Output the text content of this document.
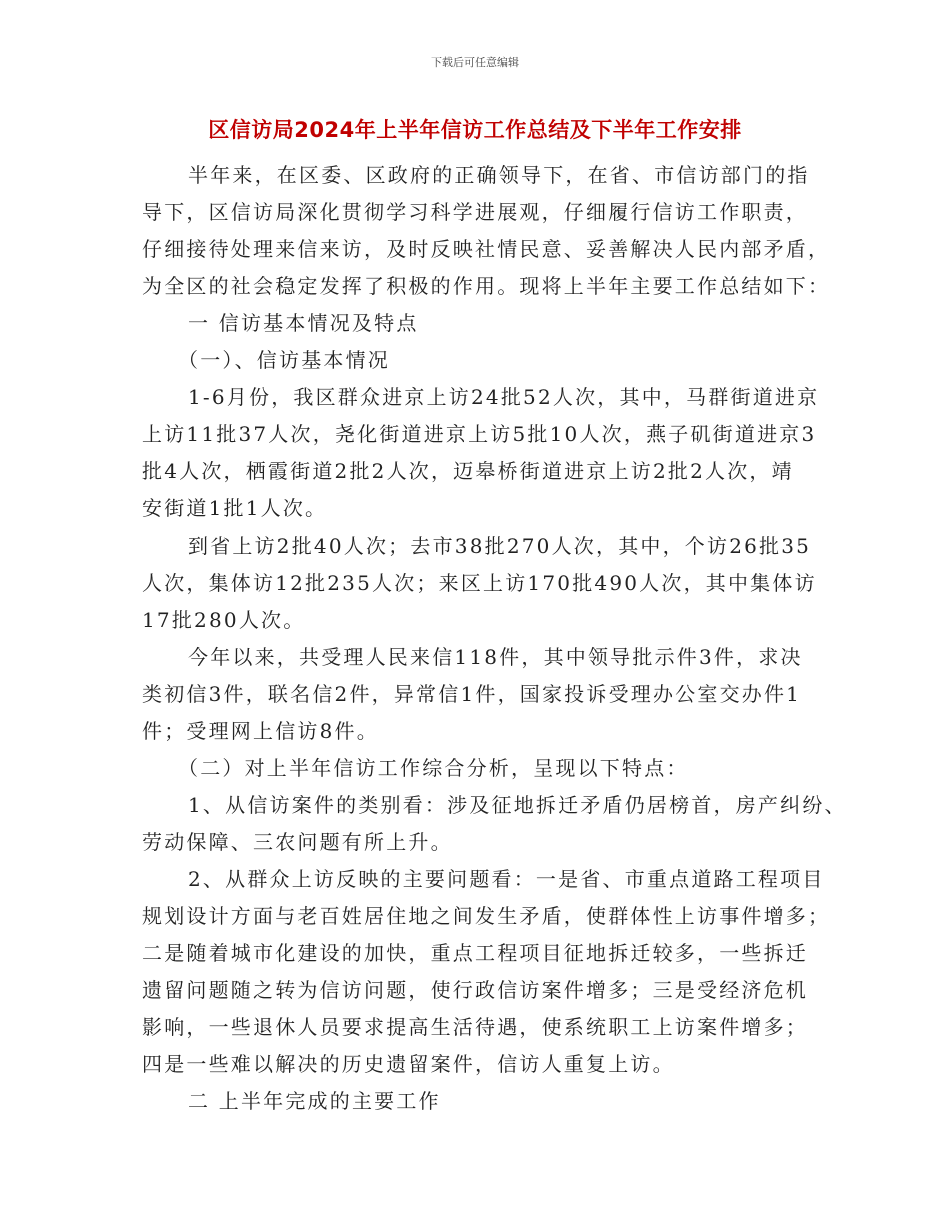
下载后可任意编辑
区信访局2024年上半年信访工作总结及下半年工作安排
半年来，在区委、区政府的正确领导下，在省、市信访部门的指
导下，区信访局深化贯彻学习科学进展观，仔细履行信访工作职责，
仔细接待处理来信来访，及时反映社情民意、妥善解决人民内部矛盾，
为全区的社会稳定发挥了积极的作用。现将上半年主要工作总结如下：
一 信访基本情况及特点
（一）、信访基本情况
1-6月份，我区群众进京上访24批52人次，其中，马群街道进京
上访11批37人次，尧化街道进京上访5批10人次，燕子矶街道进京3
批4人次，栖霞街道2批2人次，迈皋桥街道进京上访2批2人次，靖
安街道1批1人次。
到省上访2批40人次；去市38批270人次，其中，个访26批35
人次，集体访12批235人次；来区上访170批490人次，其中集体访
17批280人次。
今年以来，共受理人民来信118件，其中领导批示件3件，求决
类初信3件，联名信2件，异常信1件，国家投诉受理办公室交办件1
件；受理网上信访8件。
（二）对上半年信访工作综合分析，呈现以下特点：
1、从信访案件的类别看：涉及征地拆迁矛盾仍居榜首，房产纠纷、
劳动保障、三农问题有所上升。
2、从群众上访反映的主要问题看：一是省、市重点道路工程项目
规划设计方面与老百姓居住地之间发生矛盾，使群体性上访事件增多；
二是随着城市化建设的加快，重点工程项目征地拆迁较多，一些拆迁
遗留问题随之转为信访问题，使行政信访案件增多；三是受经济危机
影响，一些退休人员要求提高生活待遇，使系统职工上访案件增多；
四是一些难以解决的历史遗留案件，信访人重复上访。
二 上半年完成的主要工作
